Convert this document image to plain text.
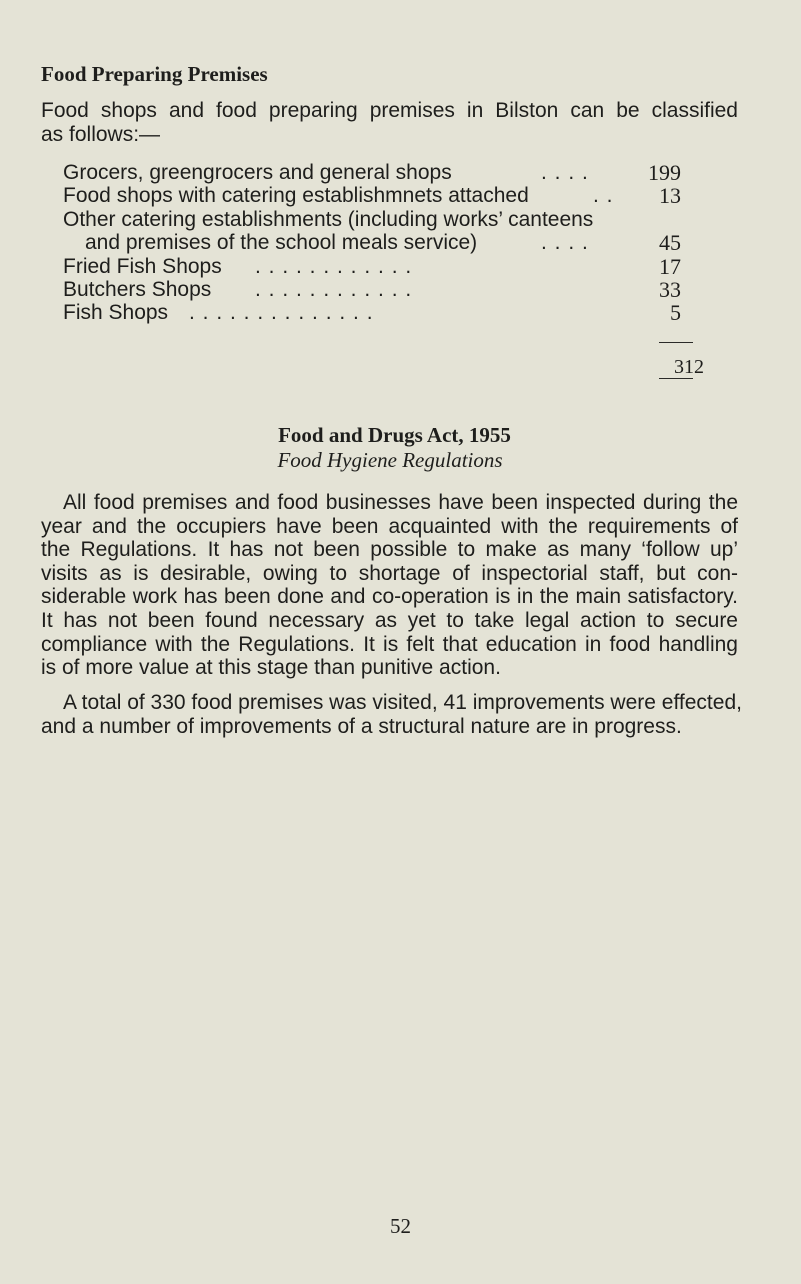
Food Preparing Premises
Food shops and food preparing premises in Bilston can be classified
as follows:—
Grocers, greengrocers and general shops	. . . .	199
Food shops with catering establishmnets attached	. . 13
Other catering establishments (including works’ canteens
and premises of the school meals service)	. . . .	45
Fried Fish Shops . . . . . . . . . . . .	17
Butchers Shops . . . . . . . . . . . .	33
Fish Shops . . . . . . . . . . . . . .	5
312
Food and Drugs Act, 1955
Food Hygiene Regulations
All food premises and food businesses have been inspected during the
year and the occupiers have been acquainted with the requirements of
the Regulations. It has not been possible to make as many ‘follow up’
visits as is desirable, owing to shortage of inspectorial staff, but con-
siderable work has been done and co-operation is in the main satisfactory.
It has not been found necessary as yet to take legal action to secure
compliance with the Regulations. It is felt that education in food handling
is of more value at this stage than punitive action.
A total of 330 food premises was visited, 41 improvements were effected,
and a number of improvements of a structural nature are in progress.
52
